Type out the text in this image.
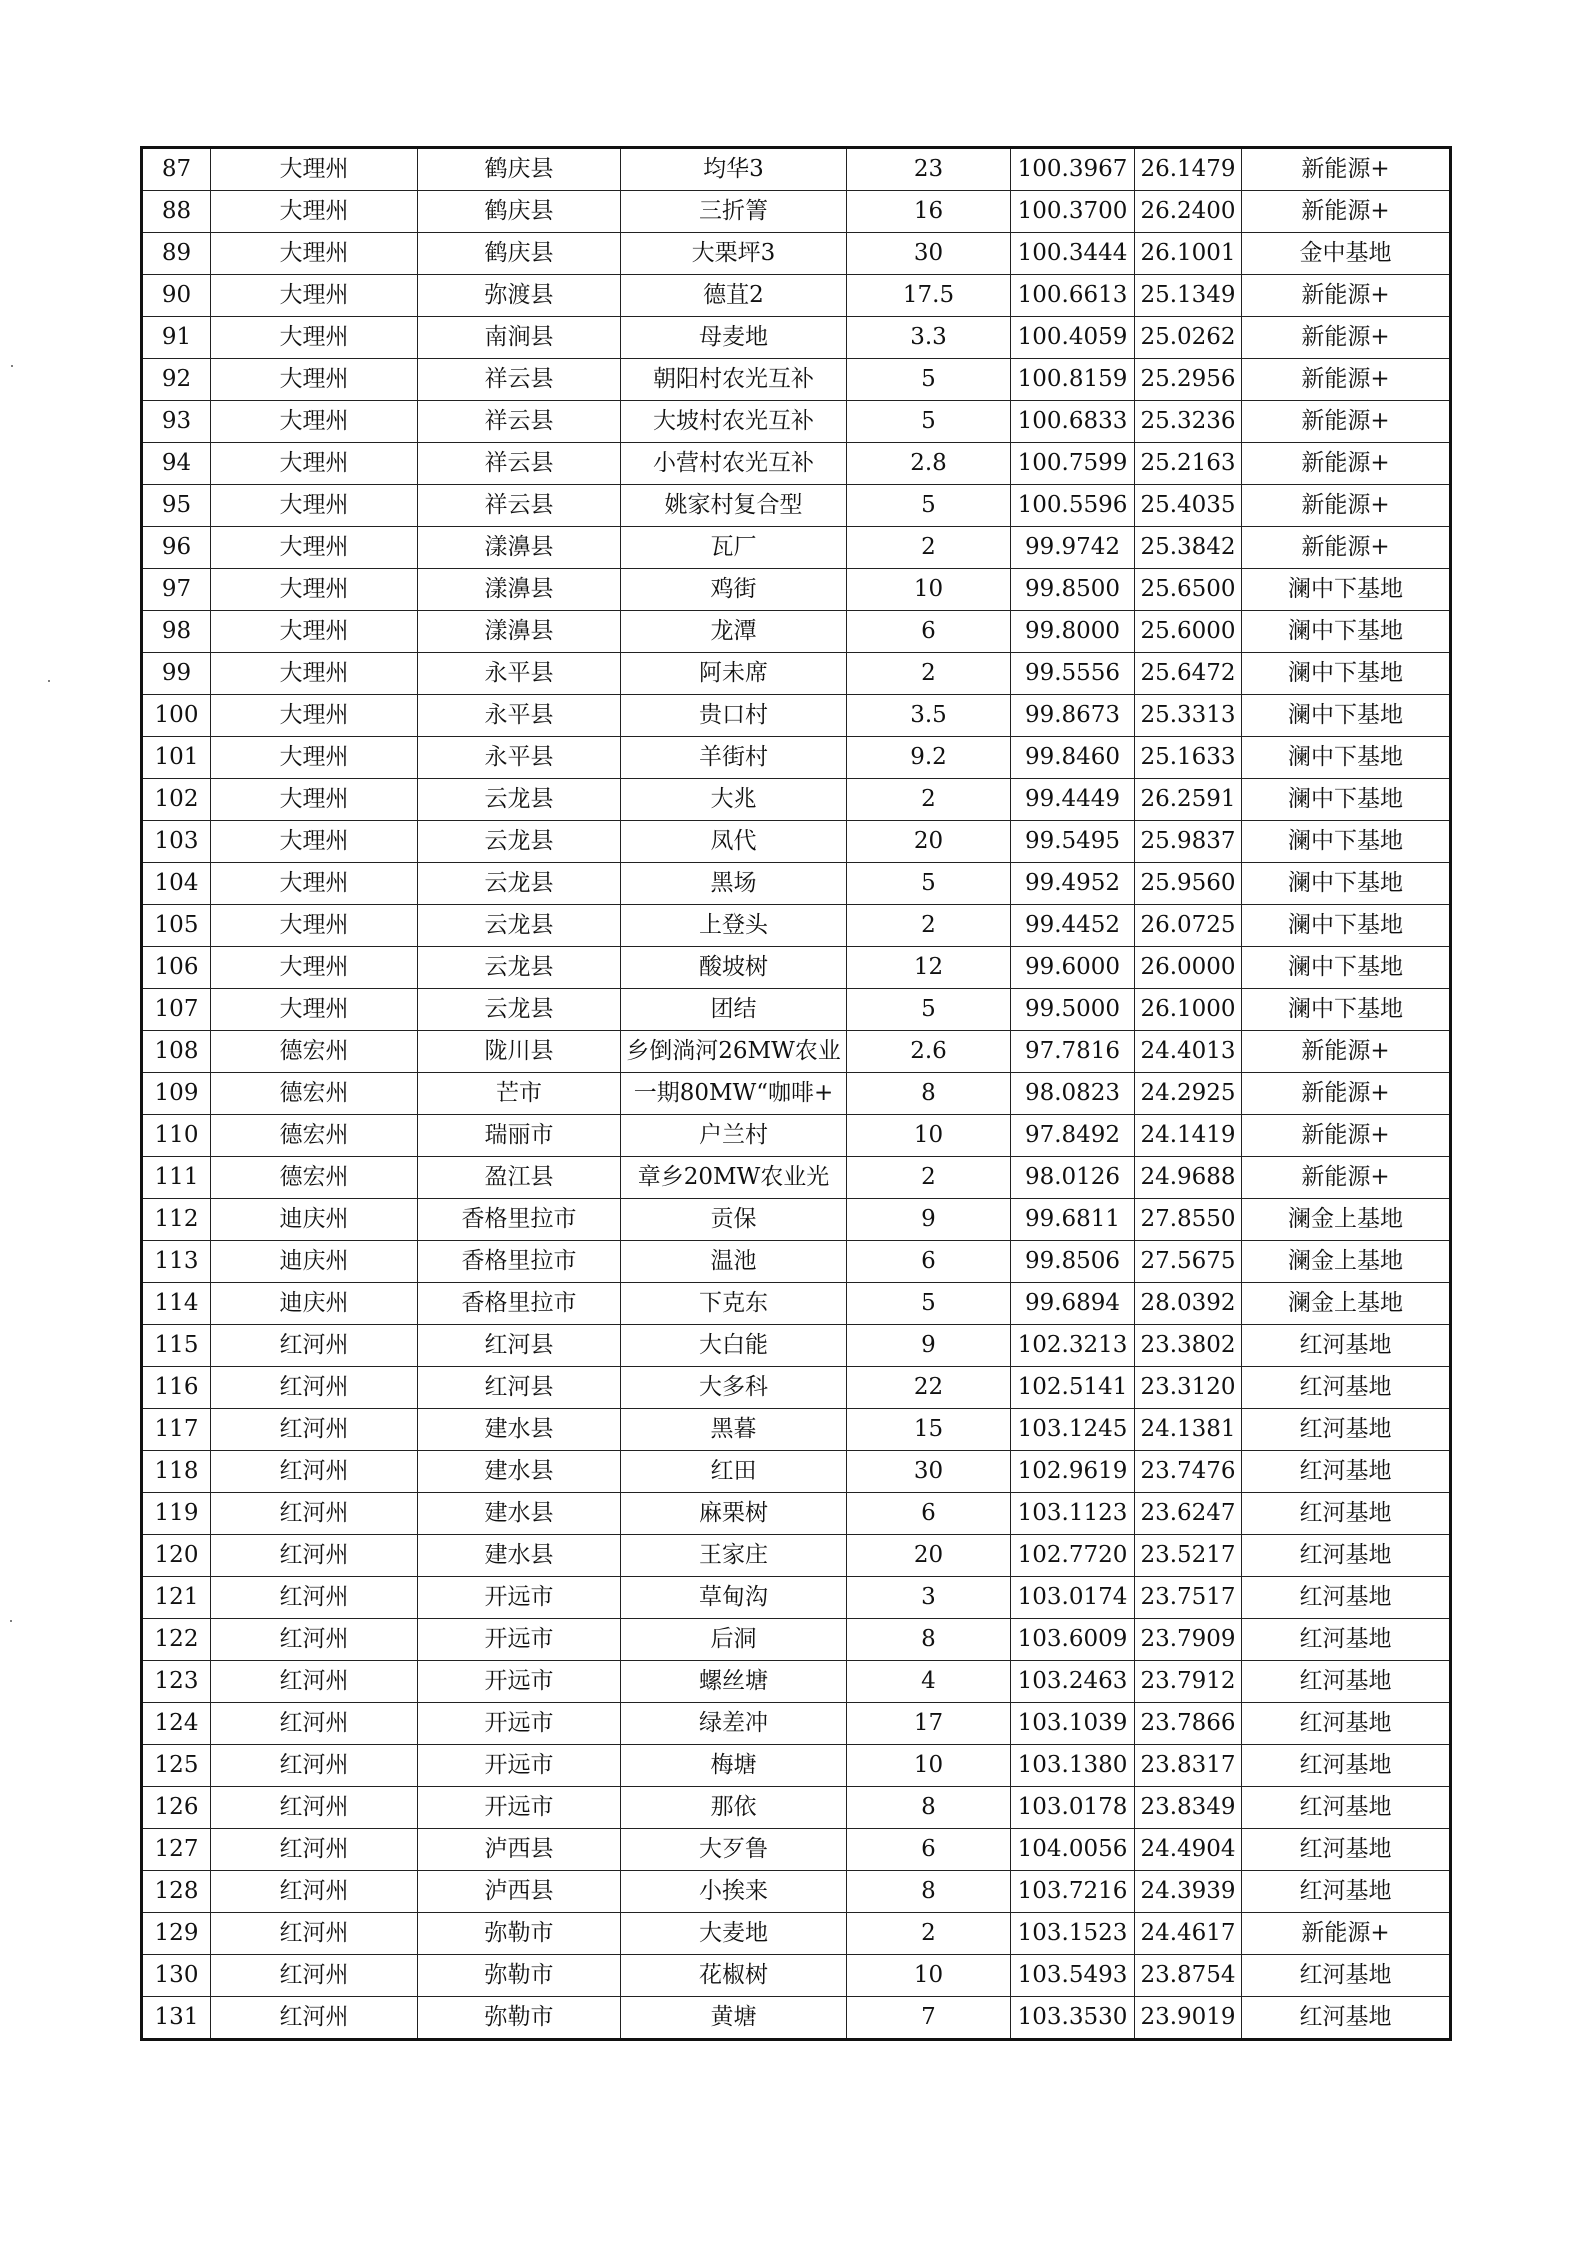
87	大理州	鹤庆县	均华3	23	100.3967	26.1479	新能源+
88	大理州	鹤庆县	三折箐	16	100.3700	26.2400	新能源+
89	大理州	鹤庆县	大栗坪3	30	100.3444	26.1001	金中基地
90	大理州	弥渡县	德苴2	17.5	100.6613	25.1349	新能源+
91	大理州	南涧县	母麦地	3.3	100.4059	25.0262	新能源+
92	大理州	祥云县	朝阳村农光互补	5	100.8159	25.2956	新能源+
93	大理州	祥云县	大坡村农光互补	5	100.6833	25.3236	新能源+
94	大理州	祥云县	小营村农光互补	2.8	100.7599	25.2163	新能源+
95	大理州	祥云县	姚家村复合型	5	100.5596	25.4035	新能源+
96	大理州	漾濞县	瓦厂	2	99.9742	25.3842	新能源+
97	大理州	漾濞县	鸡街	10	99.8500	25.6500	澜中下基地
98	大理州	漾濞县	龙潭	6	99.8000	25.6000	澜中下基地
99	大理州	永平县	阿未席	2	99.5556	25.6472	澜中下基地
100	大理州	永平县	贵口村	3.5	99.8673	25.3313	澜中下基地
101	大理州	永平县	羊街村	9.2	99.8460	25.1633	澜中下基地
102	大理州	云龙县	大兆	2	99.4449	26.2591	澜中下基地
103	大理州	云龙县	凤代	20	99.5495	25.9837	澜中下基地
104	大理州	云龙县	黑场	5	99.4952	25.9560	澜中下基地
105	大理州	云龙县	上登头	2	99.4452	26.0725	澜中下基地
106	大理州	云龙县	酸坡树	12	99.6000	26.0000	澜中下基地
107	大理州	云龙县	团结	5	99.5000	26.1000	澜中下基地
108	德宏州	陇川县	乡倒淌河26MW农业	2.6	97.7816	24.4013	新能源+
109	德宏州	芒市	一期80MW“咖啡+	8	98.0823	24.2925	新能源+
110	德宏州	瑞丽市	户兰村	10	97.8492	24.1419	新能源+
111	德宏州	盈江县	章乡20MW农业光	2	98.0126	24.9688	新能源+
112	迪庆州	香格里拉市	贡保	9	99.6811	27.8550	澜金上基地
113	迪庆州	香格里拉市	温池	6	99.8506	27.5675	澜金上基地
114	迪庆州	香格里拉市	下克东	5	99.6894	28.0392	澜金上基地
115	红河州	红河县	大白能	9	102.3213	23.3802	红河基地
116	红河州	红河县	大多科	22	102.5141	23.3120	红河基地
117	红河州	建水县	黑暮	15	103.1245	24.1381	红河基地
118	红河州	建水县	红田	30	102.9619	23.7476	红河基地
119	红河州	建水县	麻栗树	6	103.1123	23.6247	红河基地
120	红河州	建水县	王家庄	20	102.7720	23.5217	红河基地
121	红河州	开远市	草甸沟	3	103.0174	23.7517	红河基地
122	红河州	开远市	后洞	8	103.6009	23.7909	红河基地
123	红河州	开远市	螺丝塘	4	103.2463	23.7912	红河基地
124	红河州	开远市	绿差冲	17	103.1039	23.7866	红河基地
125	红河州	开远市	梅塘	10	103.1380	23.8317	红河基地
126	红河州	开远市	那依	8	103.0178	23.8349	红河基地
127	红河州	泸西县	大歹鲁	6	104.0056	24.4904	红河基地
128	红河州	泸西县	小挨来	8	103.7216	24.3939	红河基地
129	红河州	弥勒市	大麦地	2	103.1523	24.4617	新能源+
130	红河州	弥勒市	花椒树	10	103.5493	23.8754	红河基地
131	红河州	弥勒市	黄塘	7	103.3530	23.9019	红河基地
